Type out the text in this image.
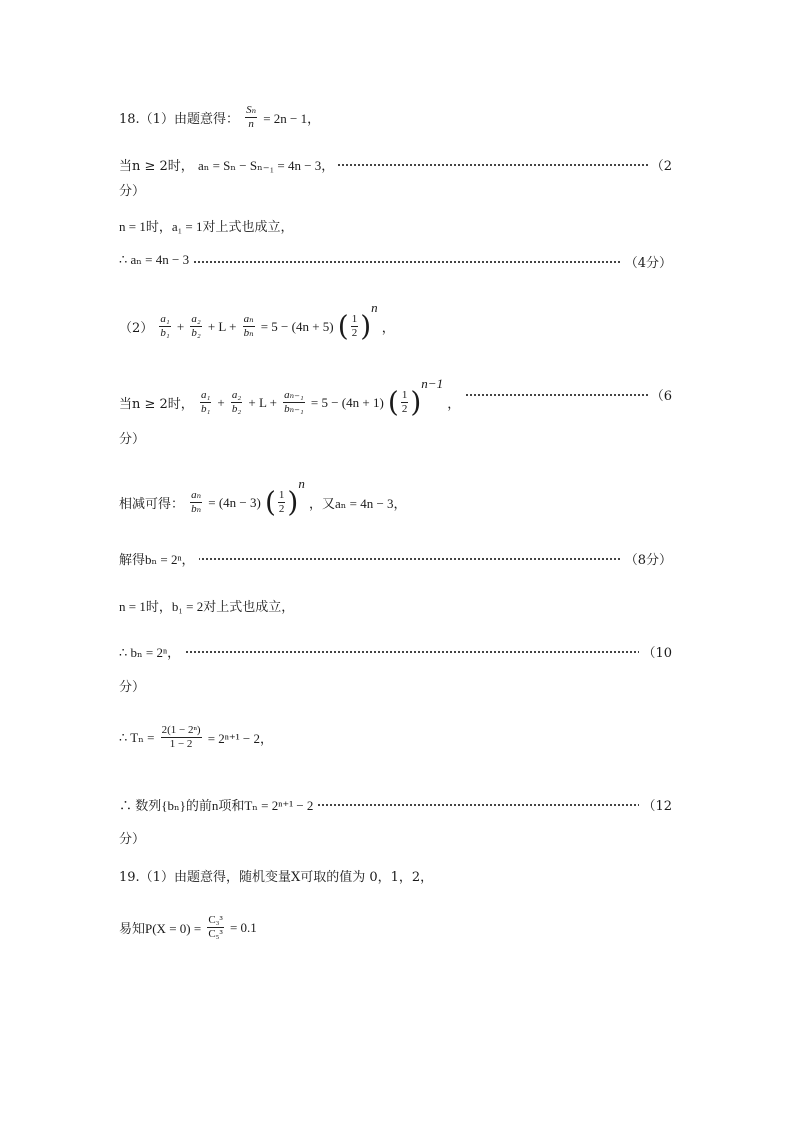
18.（1）由题意得： $\frac{\text{Sₙ}}{n} = 2n - 1$，
当n ≥ 2时， aₙ = Sₙ − Sₙ₋₁ = 4n − 3，	（2
分）
n = 1时，a₁ = 1对上式也成立，
∴ aₙ = 4n − 3	（4分）
$(2) \frac{\text{a₁}}{\text{b₁}} + \frac{\text{a₂}}{\text{b₂}} + L + \frac{\text{aₙ}}{\text{bₙ}} = 5 - (4n + 5)$ ( $\frac{1}{2} )^n$ ，
当n ≥ 2时， $\frac{\text{a₁}}{\text{b₁}} + \frac{\text{a₂}}{\text{b₂}} + L + \frac{\text{aₙ₋₁}}{\text{bₙ₋₁}} = 5 - (4n + 1)$ ( $\frac{1}{2} )^{n-1}$ ，
（6
分）
相减可得： $\frac{\text{aₙ}}{\text{bₙ}} = (4n - 3)$ ( $\frac{1}{2} )^n$ ，又aₙ = 4n − 3，
解得bₙ = 2ⁿ，	（8分）
n = 1时，b₁ = 2对上式也成立，
∴ bₙ = 2ⁿ，	（10
分）
∴ $T_n = \frac{\text{2(1 − 2ⁿ)}}{1 - 2} = 2^{n+1} - 2$，
∴ 数列{bₙ}的前n项和Tₙ = 2ⁿ⁺¹ − 2	（12
分）
19.（1）由题意得，随机变量X可取的值为 0，1，2，
易知$P(X = 0) = \frac{\text{C₃³}}{\text{C₅³}} = 0.1$
